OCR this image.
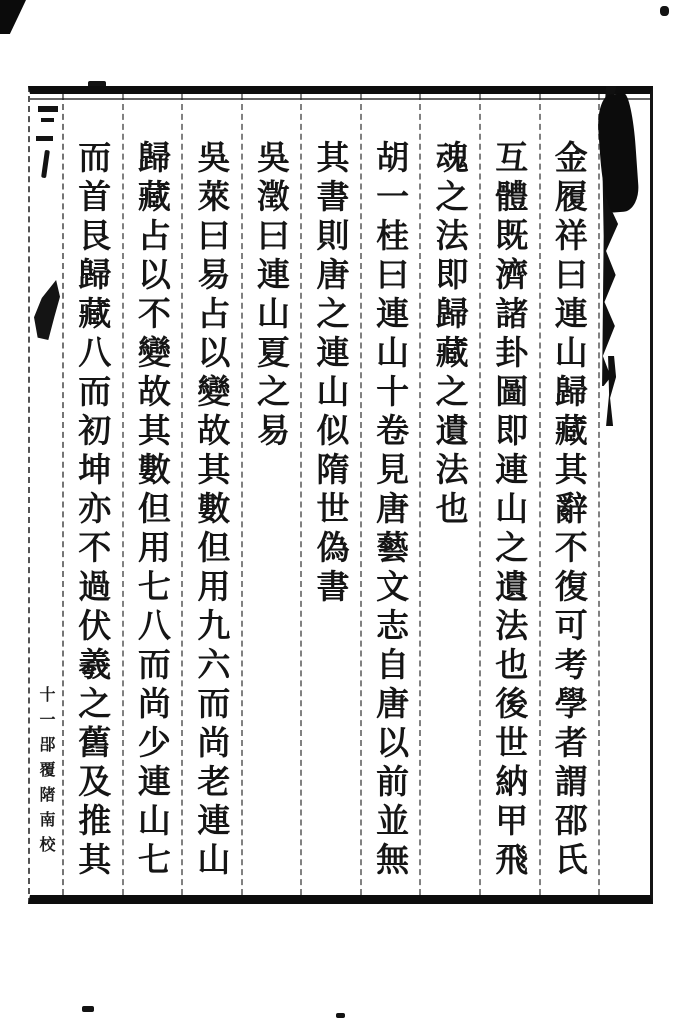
十一郘覆陼南校 而首艮歸藏八而初坤亦不過伏羲之舊及推其 歸藏占以不變故其數但用七八而尚少連山七 吳萊曰易占以變故其數但用九六而尚老連山 吳澂曰連山夏之易 其書則唐之連山似隋世偽書 胡一桂曰連山十卷見唐藝文志自唐以前並無 魂之法即歸藏之遺法也 互體既濟諸卦圖即連山之遺法也後世納甲飛 金履祥曰連山歸藏其辭不復可考學者謂邵氏
